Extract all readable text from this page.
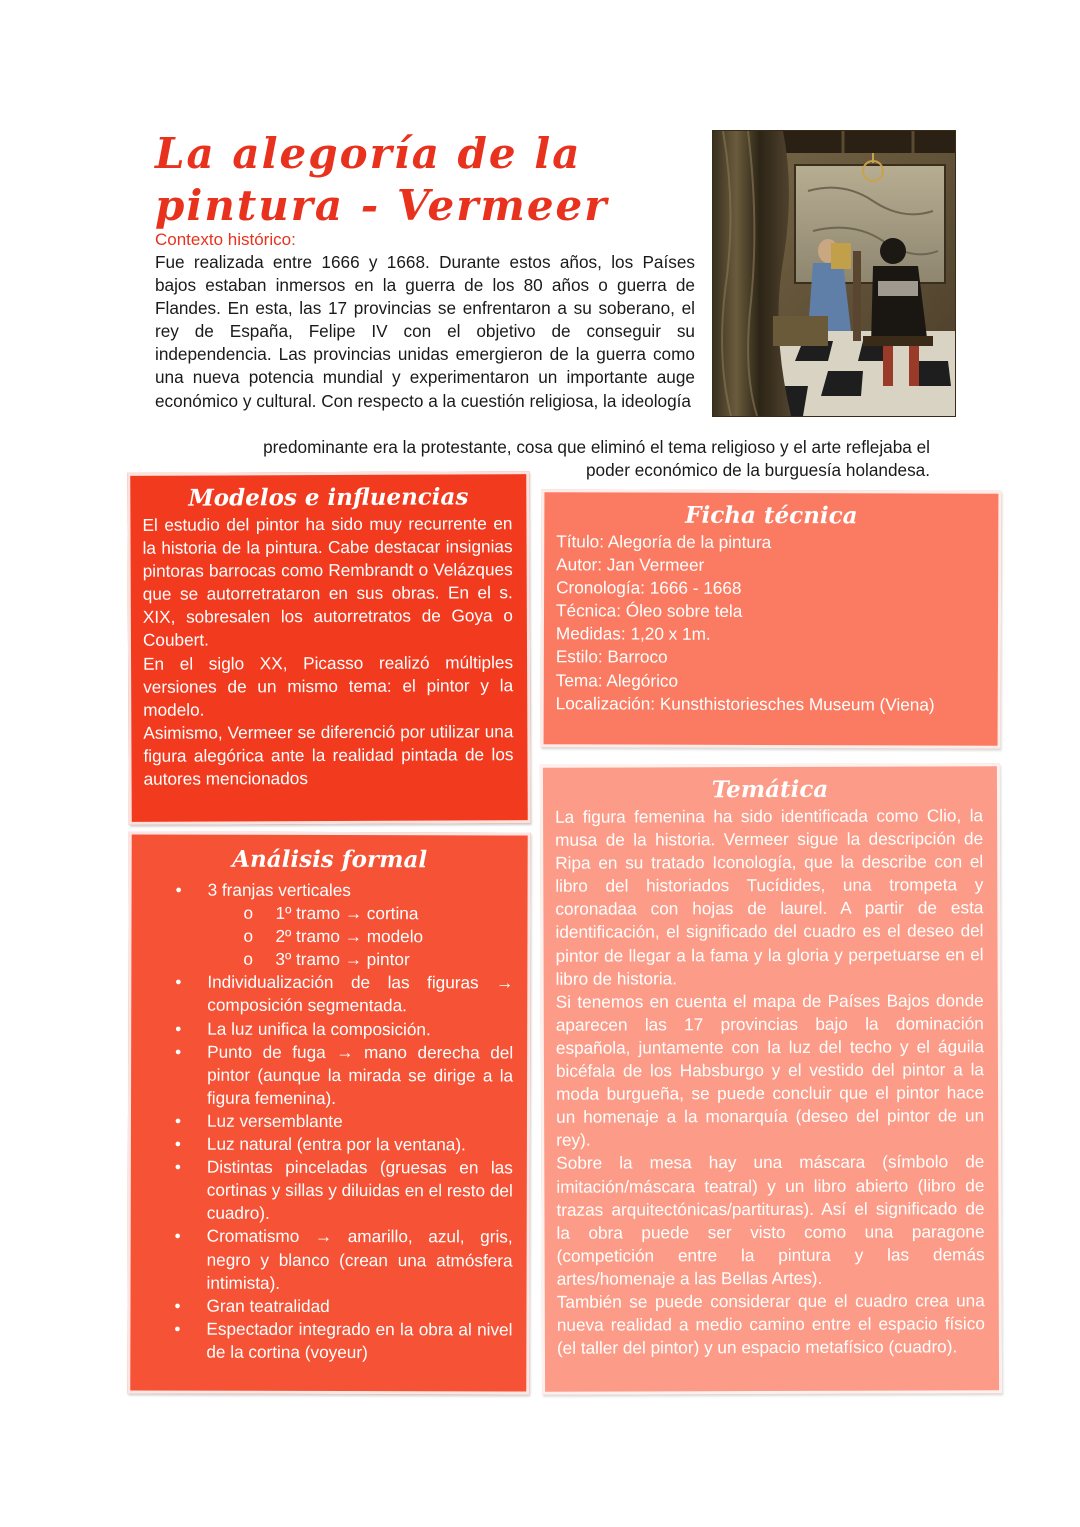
La alegoría de la pintura - Vermeer
Contexto histórico:
Fue realizada entre 1666 y 1668. Durante estos años, los Países bajos estaban inmersos en la guerra de los 80 años o guerra de Flandes. En esta, las 17 provincias se enfrentaron a su soberano, el rey de España, Felipe IV con el objetivo de conseguir su independencia. Las provincias unidas emergieron de la guerra como una nueva potencia mundial y experimentaron un importante auge económico y cultural. Con respecto a la cuestión religiosa, la ideología
predominante era la protestante, cosa que eliminó el tema religioso y el arte reflejaba el
poder económico de la burguesía holandesa.
Modelos e influencias
El estudio del pintor ha sido muy recurrente en la historia de la pintura. Cabe destacar insignias pintoras barrocas como Rembrandt o Velázques que se autorretrataron en sus obras. En el s. XIX, sobresalen los autorretratos de Goya o Coubert.
En el siglo XX, Picasso realizó múltiples versiones de un mismo tema: el pintor y la modelo.
Asimismo, Vermeer se diferenció por utilizar una figura alegórica ante la realidad pintada de los autores mencionados
Ficha técnica
Título: Alegoría de la pintura
Autor: Jan Vermeer
Cronología: 1666 - 1668
Técnica: Óleo sobre tela
Medidas: 1,20 x 1m.
Estilo: Barroco
Tema: Alegórico
Localización: Kunsthistoriesches Museum (Viena)
Análisis formal
• 3 franjas verticales
o 1º tramo → cortina
o 2º tramo → modelo
o 3º tramo → pintor
• Individualización de las figuras → composición segmentada.
• La luz unifica la composición.
• Punto de fuga → mano derecha del pintor (aunque la mirada se dirige a la figura femenina).
• Luz versemblante
• Luz natural (entra por la ventana).
• Distintas pinceladas (gruesas en las cortinas y sillas y diluidas en el resto del cuadro).
• Cromatismo → amarillo, azul, gris, negro y blanco (crean una atmósfera intimista).
• Gran teatralidad
• Espectador integrado en la obra al nivel de la cortina (voyeur)
Temática
La figura femenina ha sido identificada como Clio, la musa de la historia. Vermeer sigue la descripción de Ripa en su tratado Iconología, que la describe con el libro del historiados Tucídides, una trompeta y coronadaa con hojas de laurel. A partir de esta identificación, el significado del cuadro es el deseo del pintor de llegar a la fama y la gloria y perpetuarse en el libro de historia.
Si tenemos en cuenta el mapa de Países Bajos donde aparecen las 17 provincias bajo la dominación española, juntamente con la luz del techo y el águila bicéfala de los Habsburgo y el vestido del pintor a la moda burgueña, se puede concluir que el pintor hace un homenaje a la monarquía (deseo del pintor de un rey).
Sobre la mesa hay una máscara (símbolo de imitación/máscara teatral) y un libro abierto (libro de trazas arquitectónicas/partituras). Así el significado de la obra puede ser visto como una paragone (competición entre la pintura y las demás artes/homenaje a las Bellas Artes).
También se puede considerar que el cuadro crea una nueva realidad a medio camino entre el espacio físico (el taller del pintor) y un espacio metafísico (cuadro).
